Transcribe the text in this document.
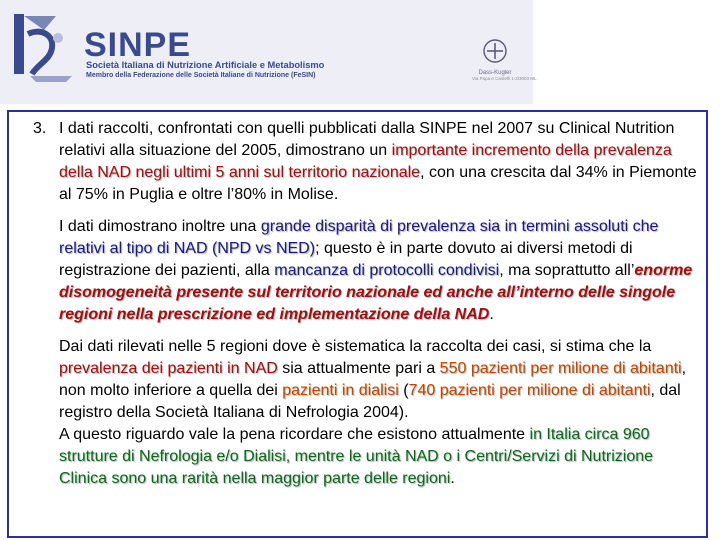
SINPE
Società Italiana di Nutrizione Artificiale e Metabolismo
Membro della Federazione delle Società Italiane di Nutrizione (FeSIN)	Dass-Kugler
Via Papa e Castelli 1-2/3003 ML
3. I dati raccolti, confrontati con quelli pubblicati dalla SINPE nel 2007 su Clinical Nutrition relativi alla situazione del 2005, dimostrano un importante incremento della prevalenza della NAD negli ultimi 5 anni sul territorio nazionale, con una crescita dal 34% in Piemonte al 75% in Puglia e oltre l’80% in Molise.

I dati dimostrano inoltre una grande disparità di prevalenza sia in termini assoluti che relativi al tipo di NAD (NPD vs NED); questo è in parte dovuto ai diversi metodi di registrazione dei pazienti, alla mancanza di protocolli condivisi, ma soprattutto all’enorme disomogeneità presente sul territorio nazionale ed anche all’interno delle singole regioni nella prescrizione ed implementazione della NAD.

Dai dati rilevati nelle 5 regioni dove è sistematica la raccolta dei casi, si stima che la prevalenza dei pazienti in NAD sia attualmente pari a 550 pazienti per milione di abitanti, non molto inferiore a quella dei pazienti in dialisi (740 pazienti per milione di abitanti, dal registro della Società Italiana di Nefrologia 2004).
A questo riguardo vale la pena ricordare che esistono attualmente in Italia circa 960 strutture di Nefrologia e/o Dialisi, mentre le unità NAD o i Centri/Servizi di Nutrizione Clinica sono una rarità nella maggior parte delle regioni.
